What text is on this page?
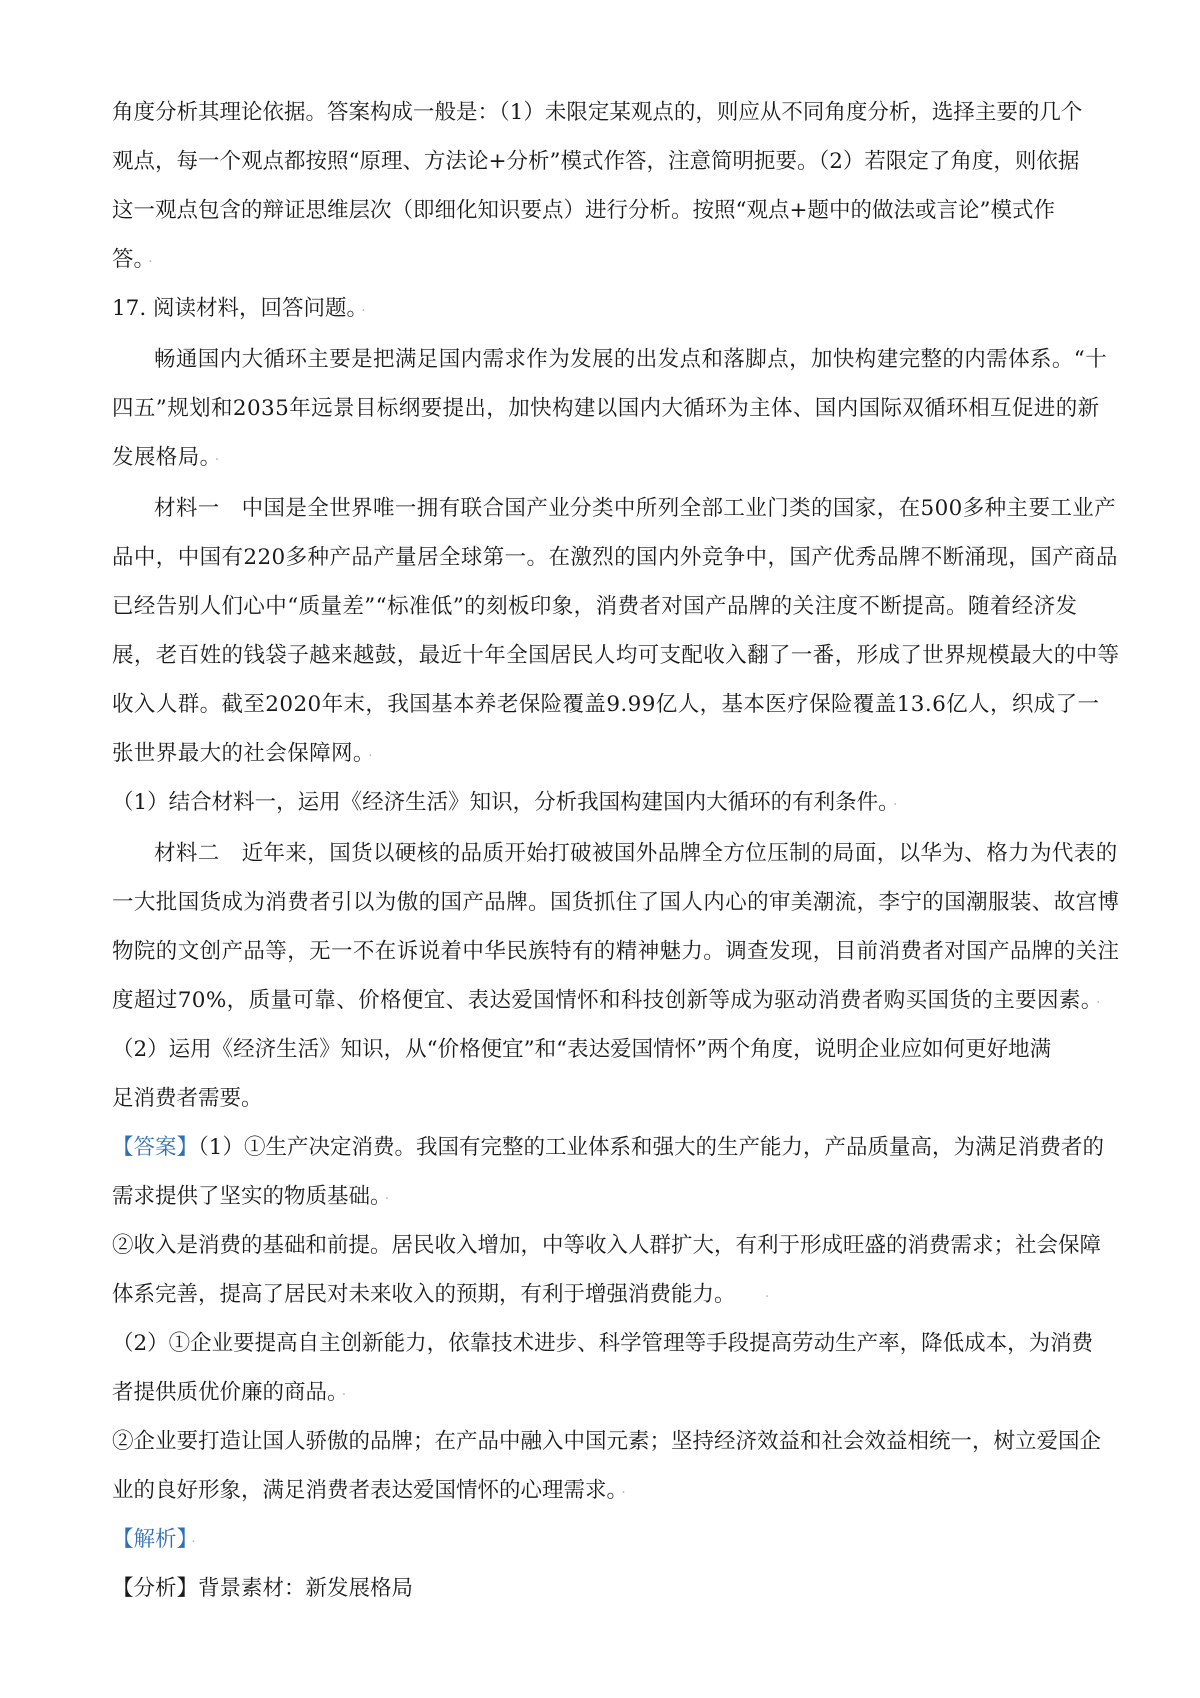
角度分析其理论依据。答案构成一般是：（1）未限定某观点的，则应从不同角度分析，选择主要的几个

观点，每一个观点都按照“原理、方法论+分析”模式作答，注意简明扼要。（2）若限定了角度，则依据

这一观点包含的辩证思维层次（即细化知识要点）进行分析。按照“观点+题中的做法或言论”模式作

答。 ·

17. 阅读材料，回答问题。 ·

畅通国内大循环主要是把满足国内需求作为发展的出发点和落脚点，加快构建完整的内需体系。“十

四五”规划和2035年远景目标纲要提出，加快构建以国内大循环为主体、国内国际双循环相互促进的新

发展格局。 ·

材料一　中国是全世界唯一拥有联合国产业分类中所列全部工业门类的国家，在500多种主要工业产

品中，中国有220多种产品产量居全球第一。在激烈的国内外竞争中，国产优秀品牌不断涌现，国产商品

已经告别人们心中“质量差”“标准低”的刻板印象，消费者对国产品牌的关注度不断提高。随着经济发

展，老百姓的钱袋子越来越鼓，最近十年全国居民人均可支配收入翻了一番，形成了世界规模最大的中等

收入人群。截至2020年末，我国基本养老保险覆盖9.99亿人，基本医疗保险覆盖13.6亿人，织成了一

张世界最大的社会保障网。 ·

（1）结合材料一，运用《经济生活》知识，分析我国构建国内大循环的有利条件。 ·

材料二　近年来，国货以硬核的品质开始打破被国外品牌全方位压制的局面，以华为、格力为代表的

一大批国货成为消费者引以为傲的国产品牌。国货抓住了国人内心的审美潮流，李宁的国潮服装、故宫博

物院的文创产品等，无一不在诉说着中华民族特有的精神魅力。调查发现，目前消费者对国产品牌的关注

度超过70%，质量可靠、价格便宜、表达爱国情怀和科技创新等成为驱动消费者购买国货的主要因素。 ·

（2）运用《经济生活》知识，从“价格便宜”和“表达爱国情怀”两个角度，说明企业应如何更好地满

足消费者需要。

【答案】（1）①生产决定消费。我国有完整的工业体系和强大的生产能力，产品质量高，为满足消费者的

需求提供了坚实的物质基础。 ·

②收入是消费的基础和前提。居民收入增加，中等收入人群扩大，有利于形成旺盛的消费需求；社会保障

体系完善，提高了居民对未来收入的预期，有利于增强消费能力。	·

（2）①企业要提高自主创新能力，依靠技术进步、科学管理等手段提高劳动生产率，降低成本，为消费

者提供质优价廉的商品。 ·

②企业要打造让国人骄傲的品牌；在产品中融入中国元素；坚持经济效益和社会效益相统一，树立爱国企

业的良好形象，满足消费者表达爱国情怀的心理需求。 ·

【解析】 ·

【分析】背景素材：新发展格局
